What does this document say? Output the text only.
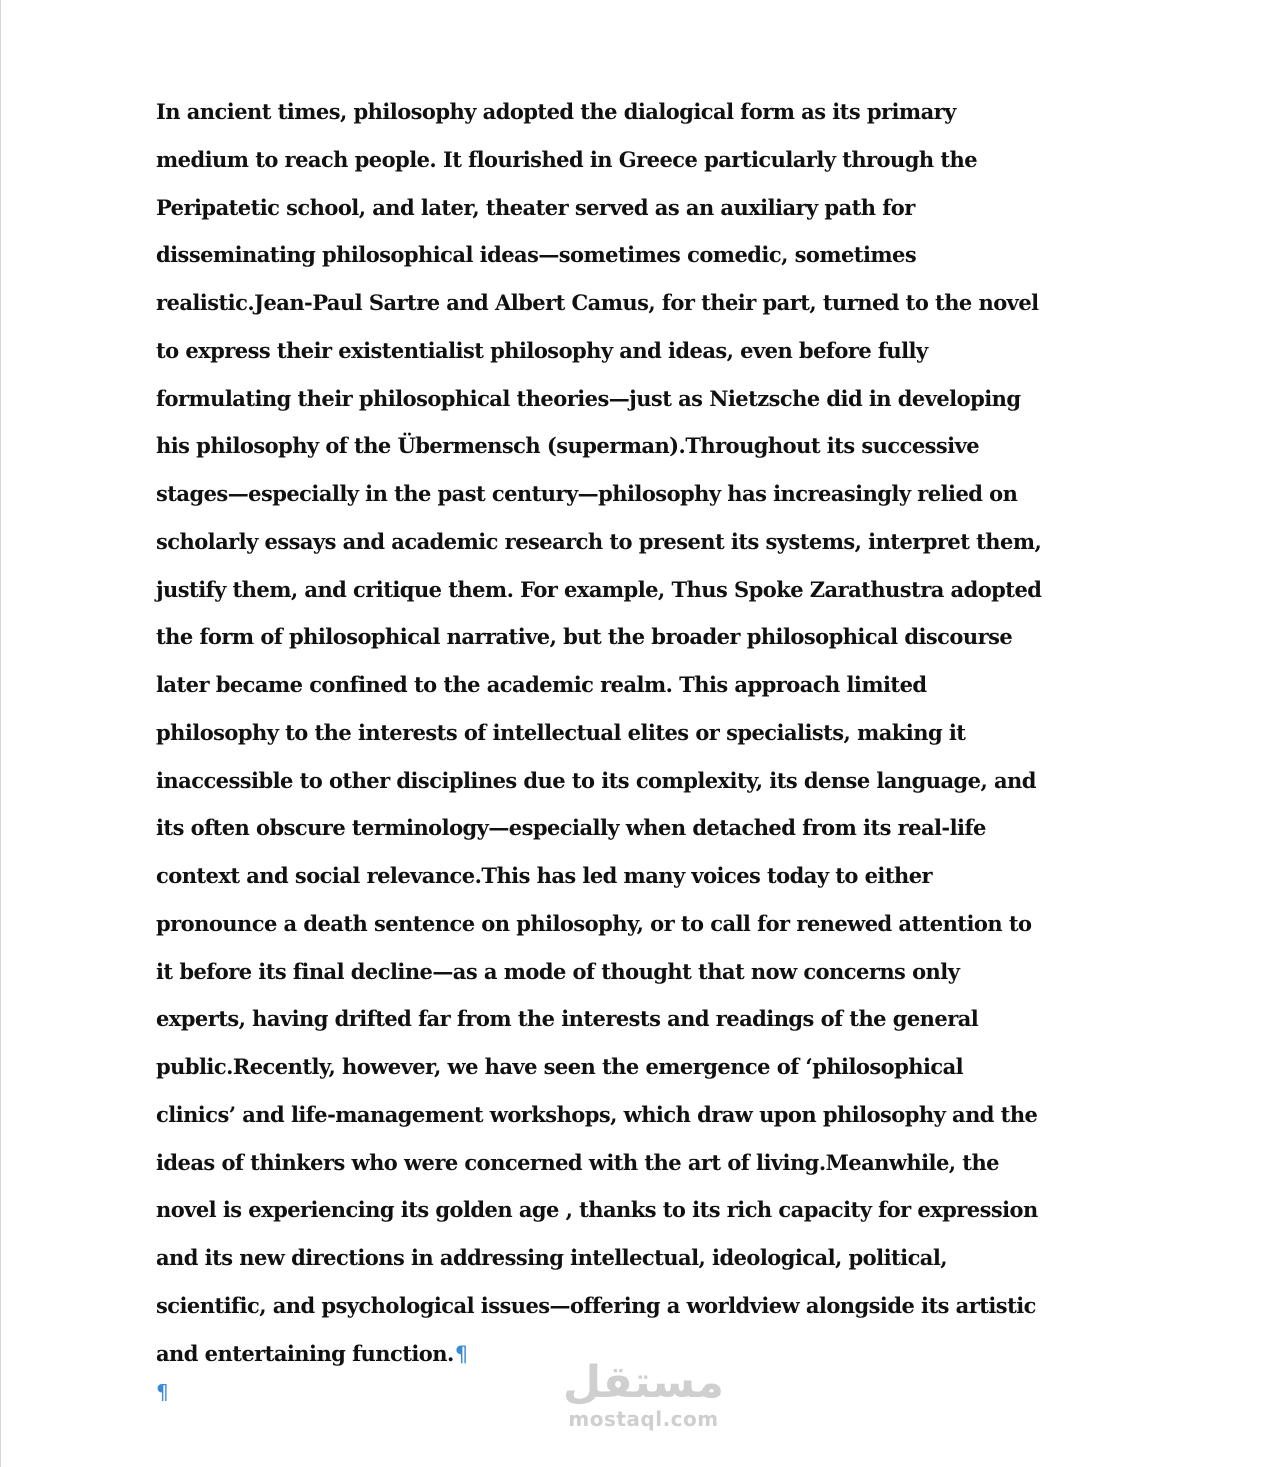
In ancient times, philosophy adopted the dialogical form as its primary
medium to reach people. It flourished in Greece particularly through the
Peripatetic school, and later, theater served as an auxiliary path for
disseminating philosophical ideas—sometimes comedic, sometimes
realistic.Jean-Paul Sartre and Albert Camus, for their part, turned to the novel
to express their existentialist philosophy and ideas, even before fully
formulating their philosophical theories—just as Nietzsche did in developing
his philosophy of the Übermensch (superman).Throughout its successive
stages—especially in the past century—philosophy has increasingly relied on
scholarly essays and academic research to present its systems, interpret them,
justify them, and critique them. For example, Thus Spoke Zarathustra adopted
the form of philosophical narrative, but the broader philosophical discourse
later became confined to the academic realm. This approach limited
philosophy to the interests of intellectual elites or specialists, making it
inaccessible to other disciplines due to its complexity, its dense language, and
its often obscure terminology—especially when detached from its real-life
context and social relevance.This has led many voices today to either
pronounce a death sentence on philosophy, or to call for renewed attention to
it before its final decline—as a mode of thought that now concerns only
experts, having drifted far from the interests and readings of the general
public.Recently, however, we have seen the emergence of ‘philosophical
clinics’ and life-management workshops, which draw upon philosophy and the
ideas of thinkers who were concerned with the art of living.Meanwhile, the
novel is experiencing its golden age , thanks to its rich capacity for expression
and its new directions in addressing intellectual, ideological, political,
scientific, and psychological issues—offering a worldview alongside its artistic
and entertaining function.¶
¶	مستقل
mostaql.com
